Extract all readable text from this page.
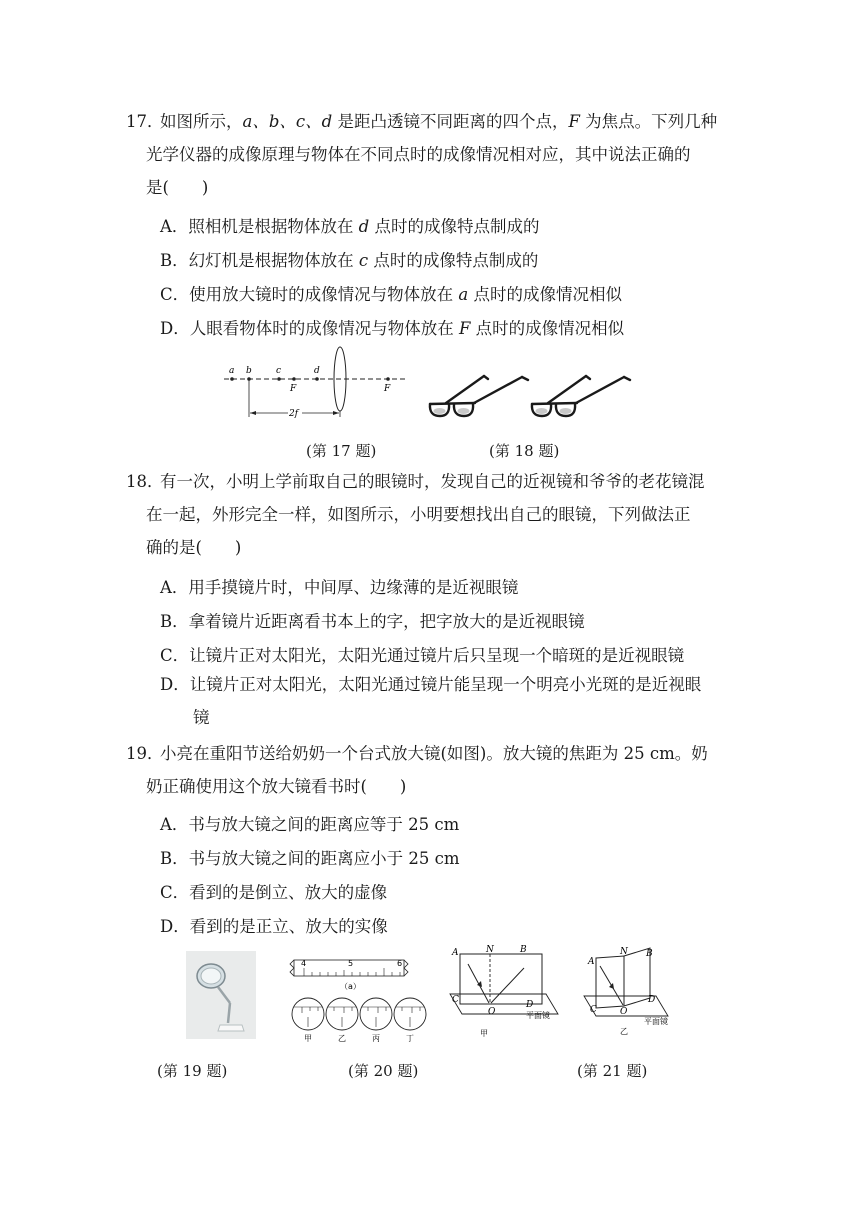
17．如图所示，a、b、c、d 是距凸透镜不同距离的四个点，F 为焦点。下列几种
光学仪器的成像原理与物体在不同点时的成像情况相对应，其中说法正确的
是(　　)
A．照相机是根据物体放在 d 点时的成像特点制成的
B．幻灯机是根据物体放在 c 点时的成像特点制成的
C．使用放大镜时的成像情况与物体放在 a 点时的成像情况相似
D．人眼看物体时的成像情况与物体放在 F 点时的成像情况相似
a b	c	d
F	F
2f
(第 17 题)	(第 18 题)
18．有一次，小明上学前取自己的眼镜时，发现自己的近视镜和爷爷的老花镜混
在一起，外形完全一样，如图所示，小明要想找出自己的眼镜，下列做法正
确的是(　　)
A．用手摸镜片时，中间厚、边缘薄的是近视眼镜
B．拿着镜片近距离看书本上的字，把字放大的是近视眼镜
C．让镜片正对太阳光，太阳光通过镜片后只呈现一个暗斑的是近视眼镜
D．让镜片正对太阳光，太阳光通过镜片能呈现一个明亮小光斑的是近视眼
镜
19．小亮在重阳节送给奶奶一个台式放大镜(如图)。放大镜的焦距为 25 cm。奶
奶正确使用这个放大镜看书时(　　)
A．书与放大镜之间的距离应等于 25 cm
B．书与放大镜之间的距离应小于 25 cm
C．看到的是倒立、放大的虚像
D．看到的是正立、放大的实像
4	5	6
（a）
甲	乙	丙	丁
A	N	B
C
O
D
平面镜
甲
A
N B
C	O
D
平面镜
乙
(第 19 题)	(第 20 题)	(第 21 题)
